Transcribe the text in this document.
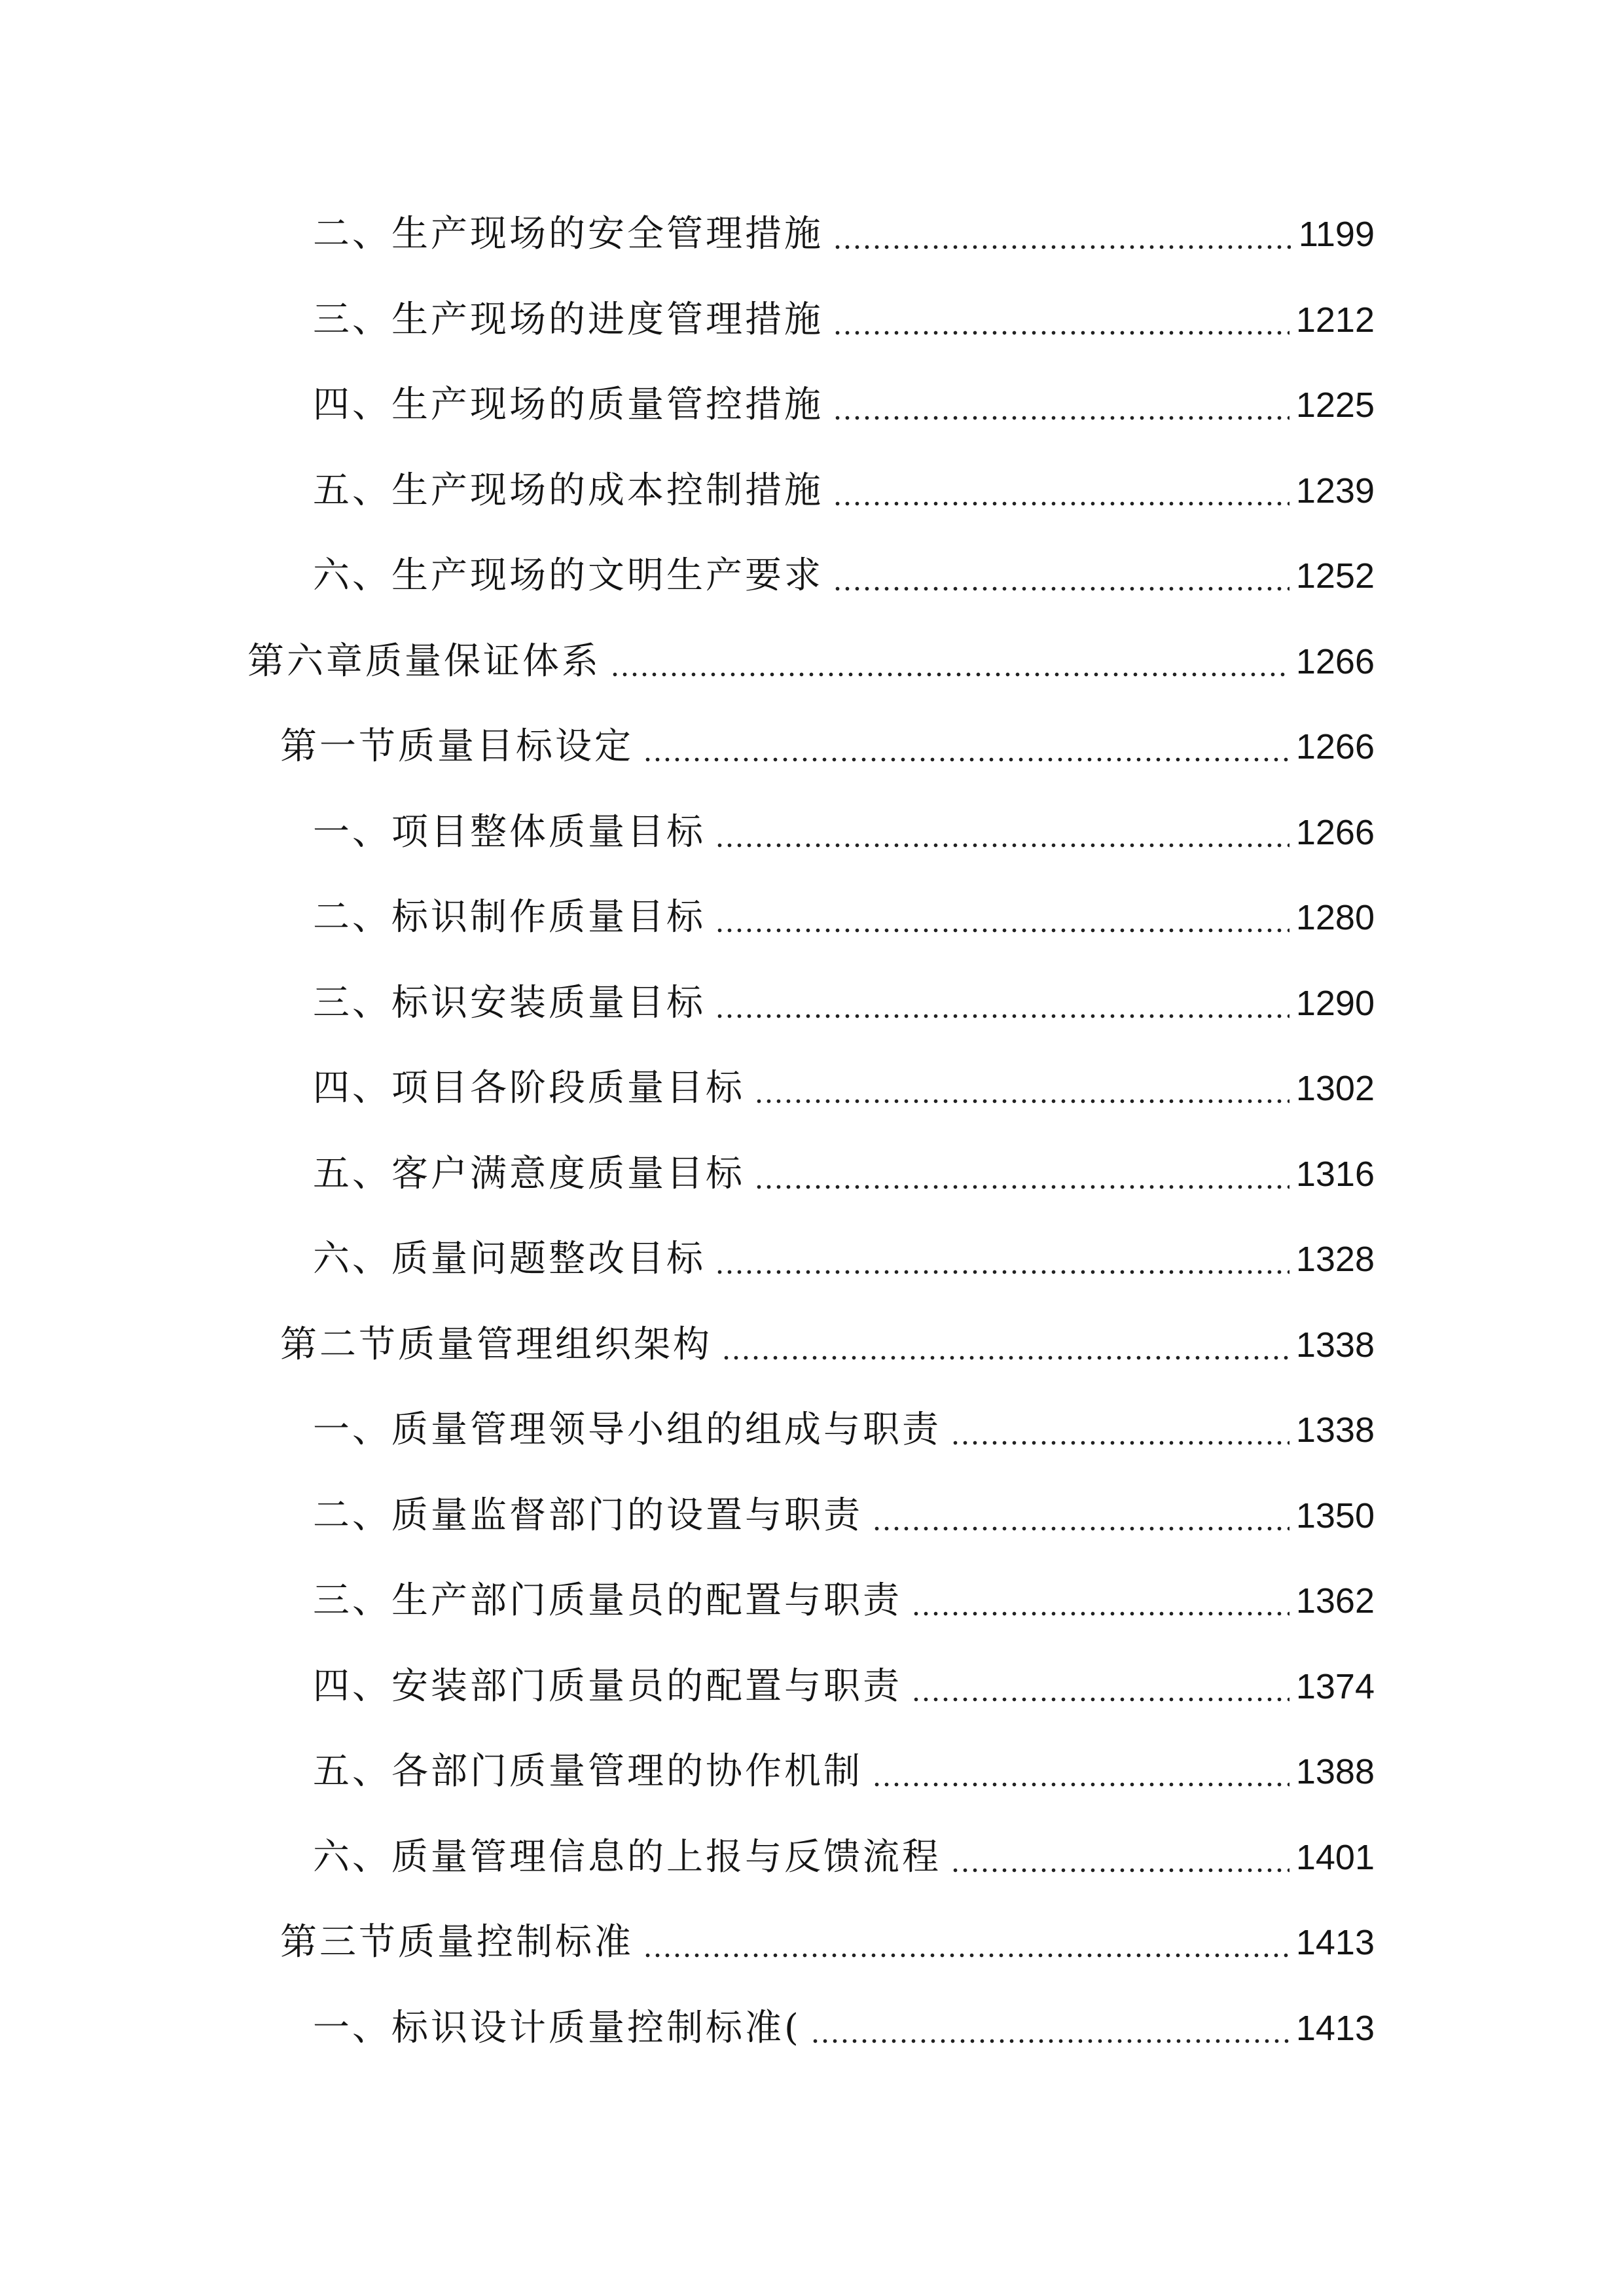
二、生产现场的安全管理措施	1199
三、生产现场的进度管理措施	1212
四、生产现场的质量管控措施	1225
五、生产现场的成本控制措施	1239
六、生产现场的文明生产要求	1252
第六章质量保证体系	1266
第一节质量目标设定	1266
一、项目整体质量目标	1266
二、标识制作质量目标	1280
三、标识安装质量目标	1290
四、项目各阶段质量目标	1302
五、客户满意度质量目标	1316
六、质量问题整改目标	1328
第二节质量管理组织架构	1338
一、质量管理领导小组的组成与职责	1338
二、质量监督部门的设置与职责	1350
三、生产部门质量员的配置与职责	1362
四、安装部门质量员的配置与职责	1374
五、各部门质量管理的协作机制	1388
六、质量管理信息的上报与反馈流程	1401
第三节质量控制标准	1413
一、标识设计质量控制标准(	1413
